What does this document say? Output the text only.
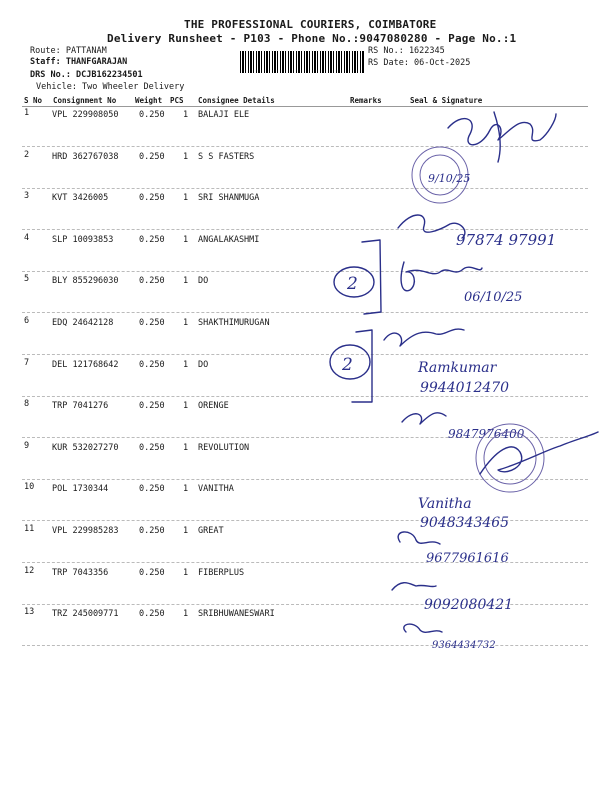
THE PROFESSIONAL COURIERS, COIMBATORE
Delivery Runsheet - P103 - Phone No.:9047080280 - Page No.:1
Route: PATTANAM
Staff: THANFGARAJAN
DRS No.: DCJB162234501
Vehicle: Two Wheeler Delivery
RS No.: 1622345
RS Date: 06-Oct-2025
S No Consignment No	Weight PCS Consignee Details	Remarks	Seal & Signature
1	VPL 229908050 0.250 1 BALAJI ELE
2	HRD 362767038 0.250 1 S S FASTERS
3	KVT 3426005	0.250 1 SRI SHANMUGA
4	SLP 10093853	0.250 1 ANGALAKASHMI
5	BLY 855296030 0.250 1 DO
6	EDQ 24642128	0.250 1 SHAKTHIMURUGAN
7	DEL 121768642 0.250 1 DO
8	TRP 7041276	0.250 1 ORENGE
9	KUR 532027270 0.250 1 REVOLUTION
10 POL 1730344	0.250 1 VANITHA
11 VPL 229985283 0.250 1 GREAT
12 TRP 7043356	0.250 1 FIBERPLUS
13 TRZ 245009771 0.250 1 SRIBHUWANESWARI
9/10/25
97874 97991
2
2
06/10/25
Ramkumar
9944012470
9847976400
Vanitha
9048343465
9677961616
9092080421
9364434732
